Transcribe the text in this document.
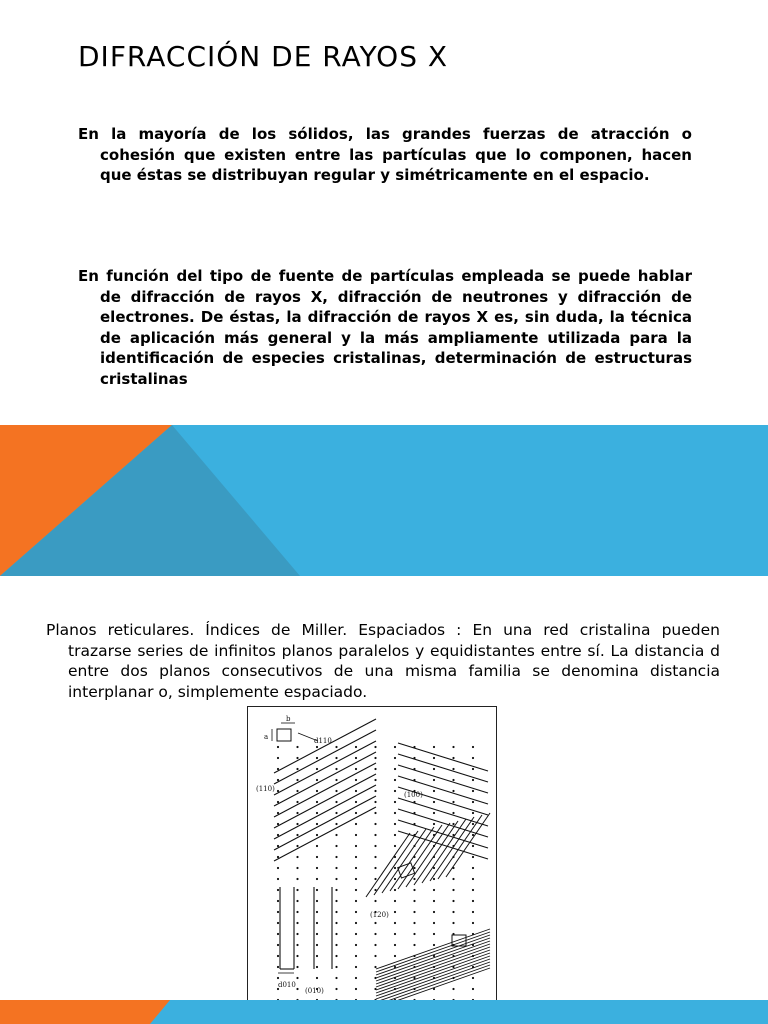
DIFRACCIÓN DE RAYOS X

En la mayoría de los sólidos, las grandes fuerzas de atracción o cohesión que existen entre las partículas que lo componen, hacen que éstas se distribuyan regular y simétricamente en el espacio.

En función del tipo de fuente de partículas empleada se puede hablar de difracción de rayos X, difracción de neutrones y difracción de electrones. De éstas, la difracción de rayos X es, sin duda, la técnica de aplicación más general y la más ampliamente utilizada para la identificación de especies cristalinas, determinación de estructuras cristalinas

Planos reticulares. Índices de Miller. Espaciados : En una red cristalina pueden trazarse series de infinitos planos paralelos y equidistantes entre sí. La distancia d entre dos planos consecutivos de una misma familia se denomina distancia interplanar o, simplemente espaciado.

a
b
d110
(110)
(100)
(120)
(010)
d010
